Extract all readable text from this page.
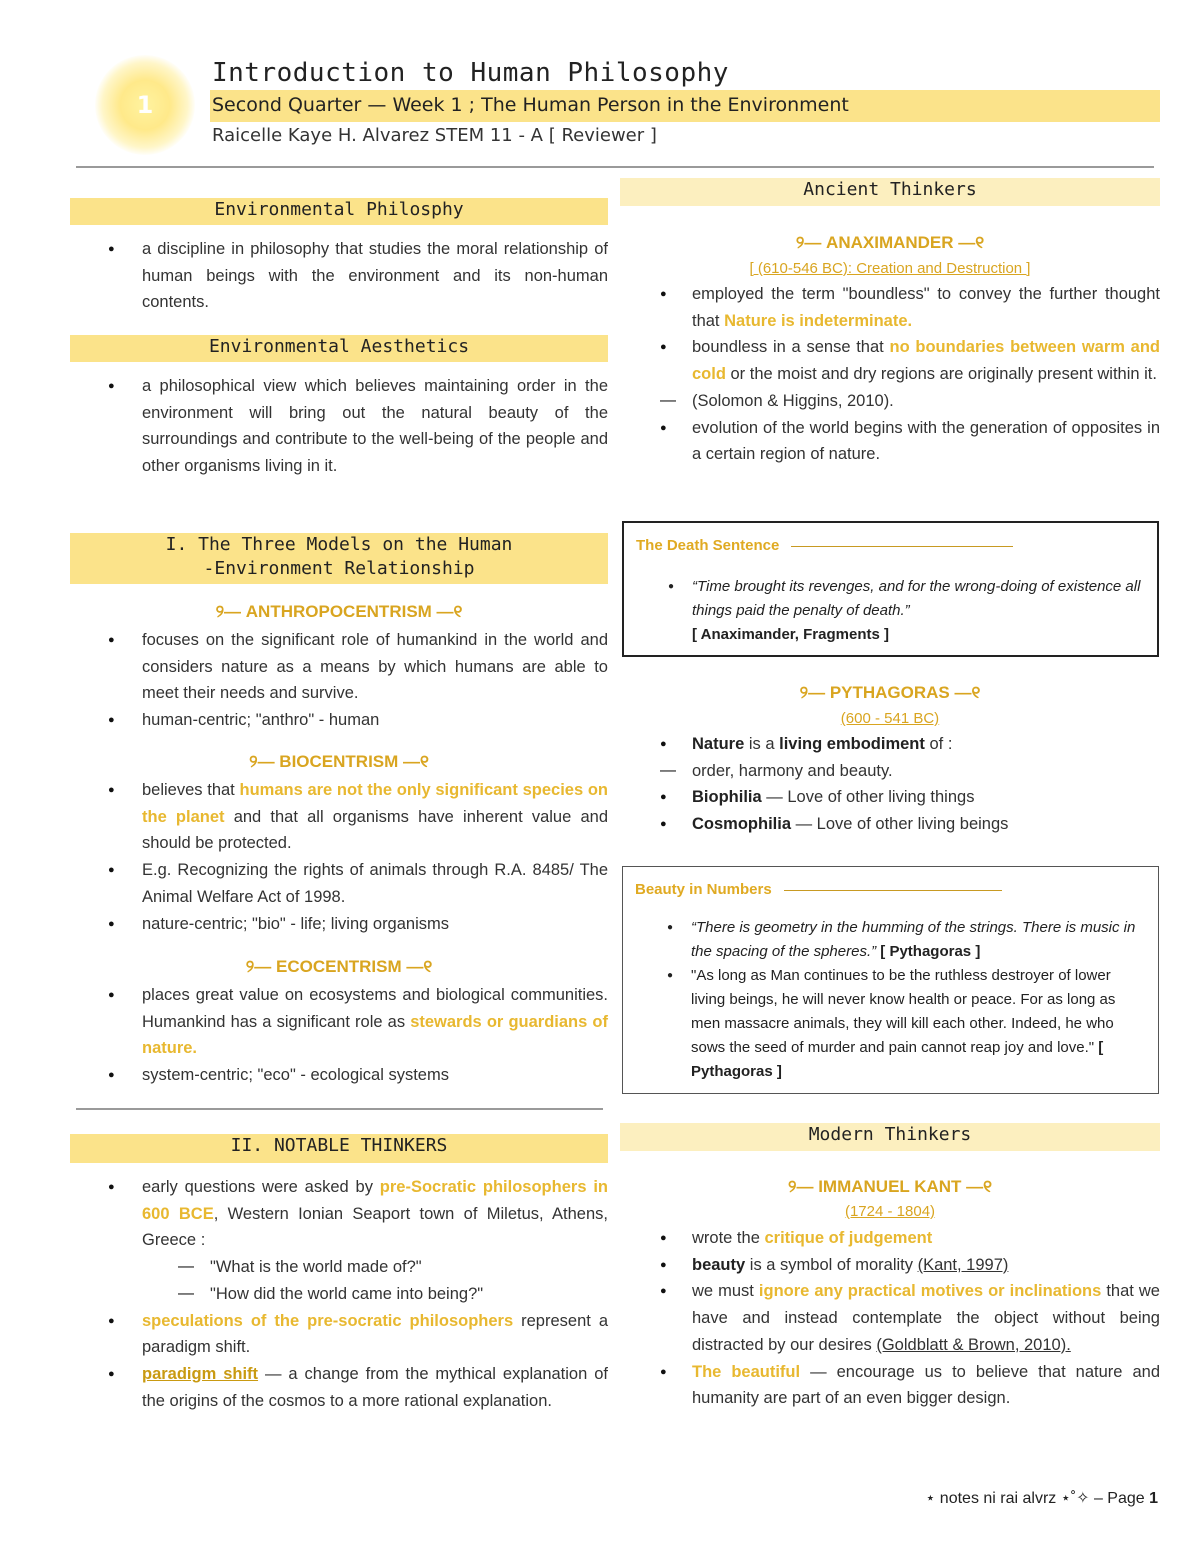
1
Introduction to Human Philosophy
Second Quarter — Week 1 ; The Human Person in the Environment
Raicelle Kaye H. Alvarez STEM 11 - A [ Reviewer ]
Environmental Philosphy
● a discipline in philosophy that studies the moral relationship of human beings with the environment and its non-human contents.
Environmental Aesthetics
● a philosophical view which believes maintaining order in the environment will bring out the natural beauty of the surroundings and contribute to the well-being of the people and other organisms living in it.
I. The Three Models on the Human
-Environment Relationship
୨— ANTHROPOCENTRISM —୧
● focuses on the significant role of humankind in the world and considers nature as a means by which humans are able to meet their needs and survive.
● human-centric; "anthro" - human
୨— BIOCENTRISM —୧
● believes that humans are not the only significant species on the planet and that all organisms have inherent value and should be protected.
● E.g. Recognizing the rights of animals through R.A. 8485/ The Animal Welfare Act of 1998.
● nature-centric; "bio" - life; living organisms
୨— ECOCENTRISM —୧
● places great value on ecosystems and biological communities. Humankind has a significant role as stewards or guardians of nature.
● system-centric; "eco" - ecological systems
II. NOTABLE THINKERS
● early questions were asked by pre-Socratic philosophers in 600 BCE, Western Ionian Seaport town of Miletus, Athens, Greece :
— "What is the world made of?"
— "How did the world came into being?"
● speculations of the pre-socratic philosophers represent a paradigm shift.
● paradigm shift — a change from the mythical explanation of the origins of the cosmos to a more rational explanation.
Ancient Thinkers
୨— ANAXIMANDER —୧
[ (610-546 BC): Creation and Destruction ]
● employed the term "boundless" to convey the further thought that Nature is indeterminate.
● boundless in a sense that no boundaries between warm and cold or the moist and dry regions are originally present within it.
— (Solomon & Higgins, 2010).
● evolution of the world begins with the generation of opposites in a certain region of nature.
The Death Sentence
● “Time brought its revenges, and for the wrong-doing of existence all things paid the penalty of death.”
[ Anaximander, Fragments ]
୨— PYTHAGORAS —୧
(600 - 541 BC)
● Nature is a living embodiment of :
— order, harmony and beauty.
● Biophilia — Love of other living things
● Cosmophilia — Love of other living beings
Beauty in Numbers
● “There is geometry in the humming of the strings. There is music in the spacing of the spheres.” [ Pythagoras ]
● "As long as Man continues to be the ruthless destroyer of lower living beings, he will never know health or peace. For as long as men massacre animals, they will kill each other. Indeed, he who sows the seed of murder and pain cannot reap joy and love." [ Pythagoras ]
Modern Thinkers
୨— IMMANUEL KANT —୧
(1724 - 1804)
● wrote the critique of judgement
● beauty is a symbol of morality (Kant, 1997)
● we must ignore any practical motives or inclinations that we have and instead contemplate the object without being distracted by our desires (Goldblatt & Brown, 2010).
● The beautiful — encourage us to believe that nature and humanity are part of an even bigger design.
⋆ notes ni rai alvrz ⋆˚✧ – Page 1
